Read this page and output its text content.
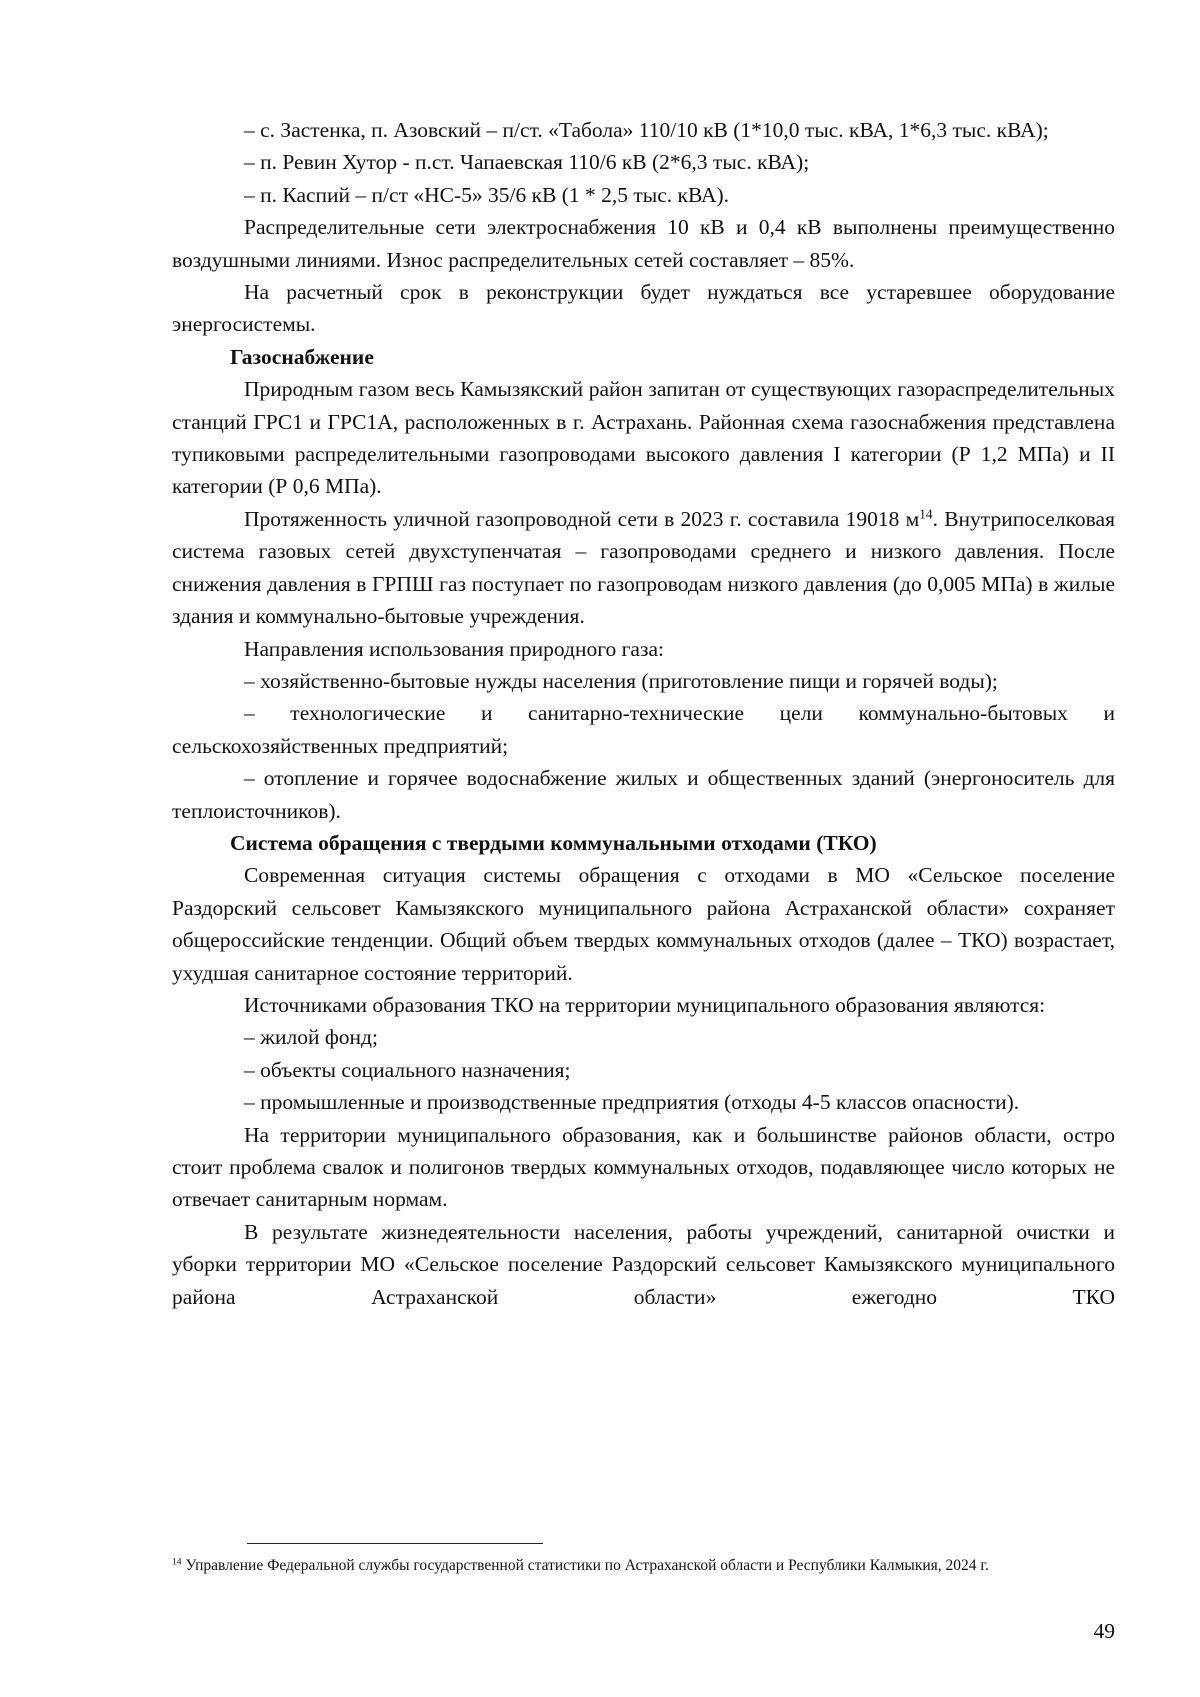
– с. Застенка, п. Азовский – п/ст. «Табола» 110/10 кВ (1*10,0 тыс. кВА, 1*6,3 тыс. кВА);

– п. Ревин Хутор - п.ст. Чапаевская 110/6 кВ (2*6,3 тыс. кВА);

– п. Каспий – п/ст «НС-5» 35/6 кВ (1 * 2,5 тыс. кВА).

Распределительные сети электроснабжения 10 кВ и 0,4 кВ выполнены преимущественно воздушными линиями. Износ распределительных сетей составляет – 85%.

На расчетный срок в реконструкции будет нуждаться все устаревшее оборудование энергосистемы.

Газоснабжение

Природным газом весь Камызякский район запитан от существующих газораспределительных станций ГРС1 и ГРС1А, расположенных в г. Астрахань. Районная схема газоснабжения представлена тупиковыми распределительными газопроводами высокого давления I категории (Р 1,2 МПа) и II категории (Р 0,6 МПа).

Протяженность уличной газопроводной сети в 2023 г. составила 19018 $м^{14}$. Внутрипоселковая система газовых сетей двухступенчатая – газопроводами среднего и низкого давления. После снижения давления в ГРПШ газ поступает по газопроводам низкого давления (до 0,005 МПа) в жилые здания и коммунально-бытовые учреждения.

Направления использования природного газа:

– хозяйственно-бытовые нужды населения (приготовление пищи и горячей воды);

– технологические и санитарно-технические цели коммунально-бытовых и сельскохозяйственных предприятий;

– отопление и горячее водоснабжение жилых и общественных зданий (энергоноситель для теплоисточников).

Система обращения с твердыми коммунальными отходами (ТКО)

Современная ситуация системы обращения с отходами в МО «Сельское поселение Раздорский сельсовет Камызякского муниципального района Астраханской области» сохраняет общероссийские тенденции. Общий объем твердых коммунальных отходов (далее – ТКО) возрастает, ухудшая санитарное состояние территорий.

Источниками образования ТКО на территории муниципального образования являются:

– жилой фонд;

– объекты социального назначения;

– промышленные и производственные предприятия (отходы 4-5 классов опасности).

На территории муниципального образования, как и большинстве районов области, остро стоит проблема свалок и полигонов твердых коммунальных отходов, подавляющее число которых не отвечает санитарным нормам.

В результате жизнедеятельности населения, работы учреждений, санитарной очистки и уборки территории МО «Сельское поселение Раздорский сельсовет Камызякского муниципального района Астраханской области» ежегодно ТКО

$^{14}$ Управление Федеральной службы государственной статистики по Астраханской области и Республики Калмыкия, 2024 г.
49
